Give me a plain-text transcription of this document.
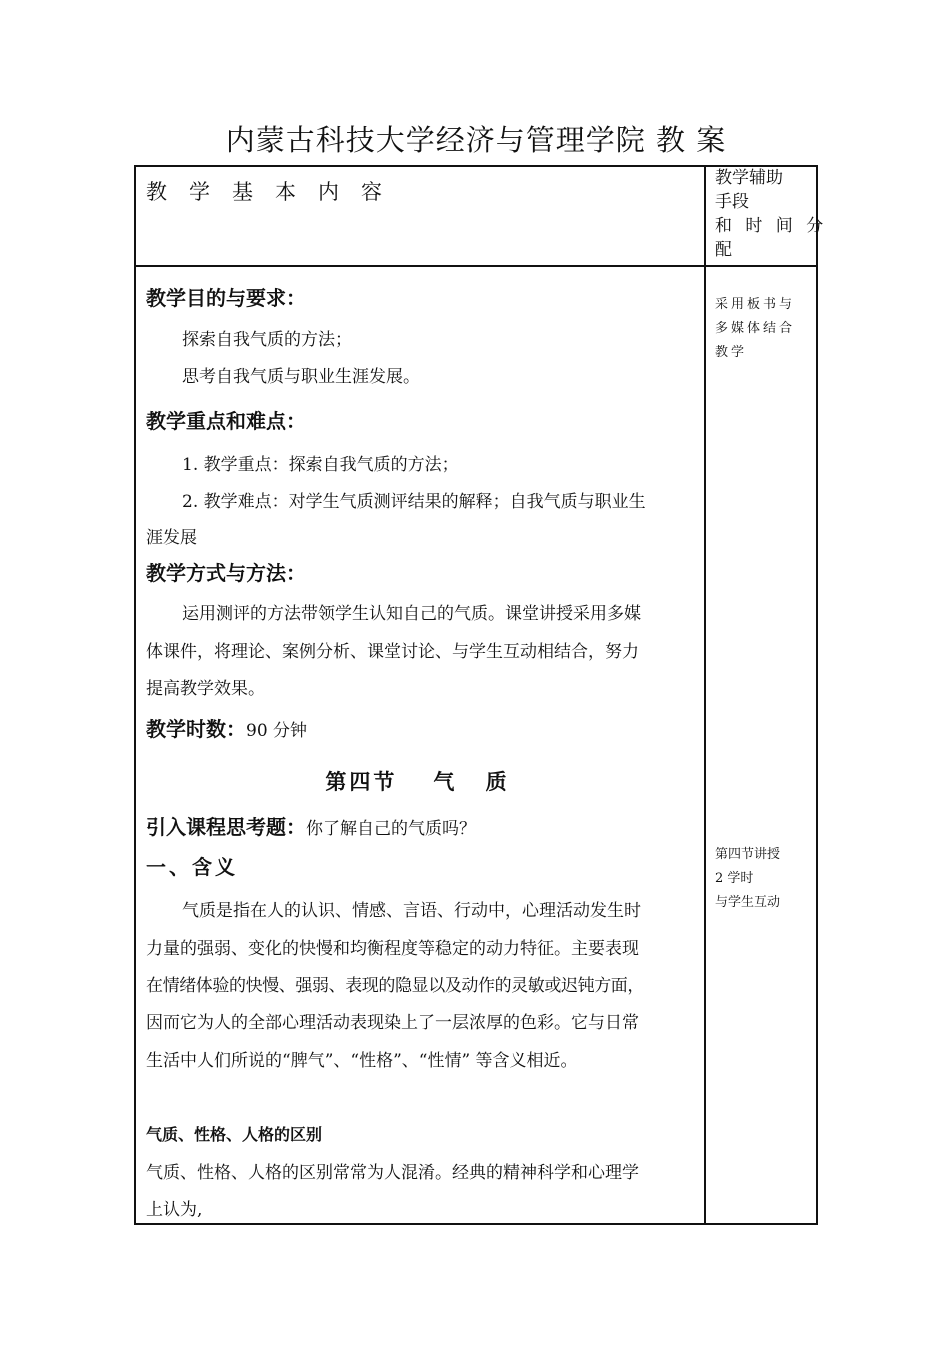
内蒙古科技大学经济与管理学院 教 案
教学基本内容
教学辅助
手段
和 时 间 分
配
采用板书与
多媒体结合
教学
第四节讲授
2 学时
与学生互动
教学目的与要求：
探索自我气质的方法；
思考自我气质与职业生涯发展。
教学重点和难点：
1. 教学重点：探索自我气质的方法；
2. 教学难点：对学生气质测评结果的解释；自我气质与职业生
涯发展
教学方式与方法：
运用测评的方法带领学生认知自己的气质。课堂讲授采用多媒
体课件，将理论、案例分析、课堂讨论、与学生互动相结合，努力
提高教学效果。
教学时数：90 分钟
第四节 气 质
引入课程思考题：你了解自己的气质吗？
一、含义
气质是指在人的认识、情感、言语、行动中，心理活动发生时
力量的强弱、变化的快慢和均衡程度等稳定的动力特征。主要表现
在情绪体验的快慢、强弱、表现的隐显以及动作的灵敏或迟钝方面，
因而它为人的全部心理活动表现染上了一层浓厚的色彩。它与日常
生活中人们所说的“脾气”、“性格”、“性情” 等含义相近。
气质、性格、人格的区别
气质、性格、人格的区别常常为人混淆。经典的精神科学和心理学
上认为,
